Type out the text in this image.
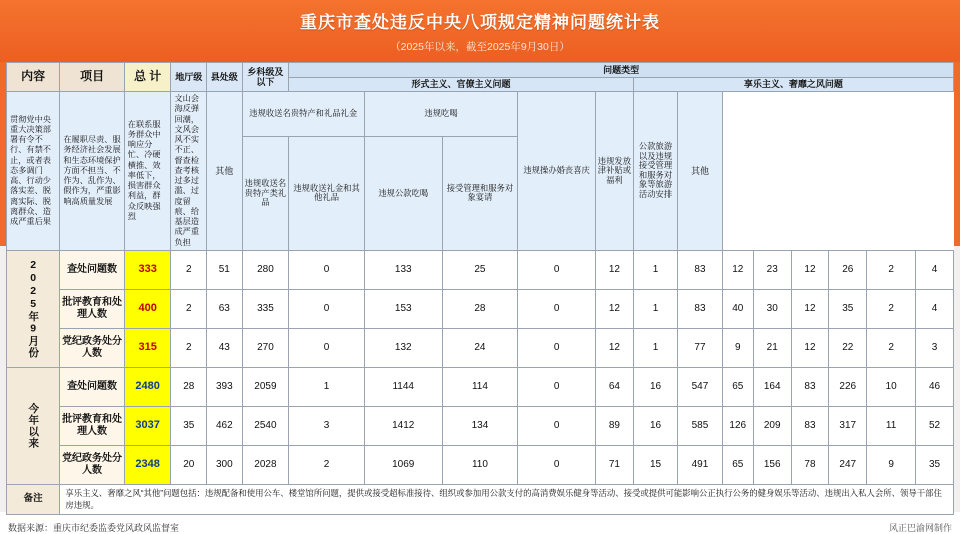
重庆市查处违反中央八项规定精神问题统计表
（2025年以来，截至2025年9月30日）
内容	项目	总 计	地厅级	县处级	乡科级及以下	问题类型												
						形式主义、官僚主义问题					享乐主义、奢靡之风问题							
贯彻党中央重大决策部署有令不行、有禁不止，或者表态多调门高、行动少落实差、脱离实际、脱离群众、造成严重后果	在履职尽责、服务经济社会发展和生态环境保护方面不担当、不作为、乱作为、假作为，严重影响高质量发展	在联系服务群众中响应分忙、冷硬横推、效率低下，损害群众利益，群众反映强烈	文山会海反弹回潮，文风会风不实不正、督查检查考核过多过滥、过度留痕、给基层造成严重负担	其他	违规收送名贵特产和礼品礼金		违规吃喝		违规操办婚丧喜庆	违规发放津补贴或福利	公款旅游以及违规接受管理和服务对象等旅游活动安排	其他						
					违规收送名贵特产类礼品	违规收送礼金和其他礼品	违规公款吃喝	接受管理和服务对象宴请										

2025年9月份	查处问题数	333	2	51	280	0	133	25	0	12	1	83	12	23	12	26	2	4
	批评教育和处理人数	400	2	63	335	0	153	28	0	12	1	83	40	30	12	35	2	4
	党纪政务处分人数	315	2	43	270	0	132	24	0	12	1	77	9	21	12	22	2	3

今年以来	查处问题数	2480	28	393	2059	1	1144	114	0	64	16	547	65	164	83	226	10	46
	批评教育和处理人数	3037	35	462	2540	3	1412	134	0	89	16	585	126	209	83	317	11	52
	党纪政务处分人数	2348	20	300	2028	2	1069	110	0	71	15	491	65	156	78	247	9	35
备注	享乐主义、奢靡之风“其他”问题包括：违规配备和使用公车、楼堂馆所问题，提供或接受超标准接待、组织或参加用公款支付的高消费娱乐健身等活动、接受或提供可能影响公正执行公务的健身娱乐等活动、违规出入私人会所、领导干部住房违规。																	
数据来源：重庆市纪委监委党风政风监督室	风正巴渝网制作
